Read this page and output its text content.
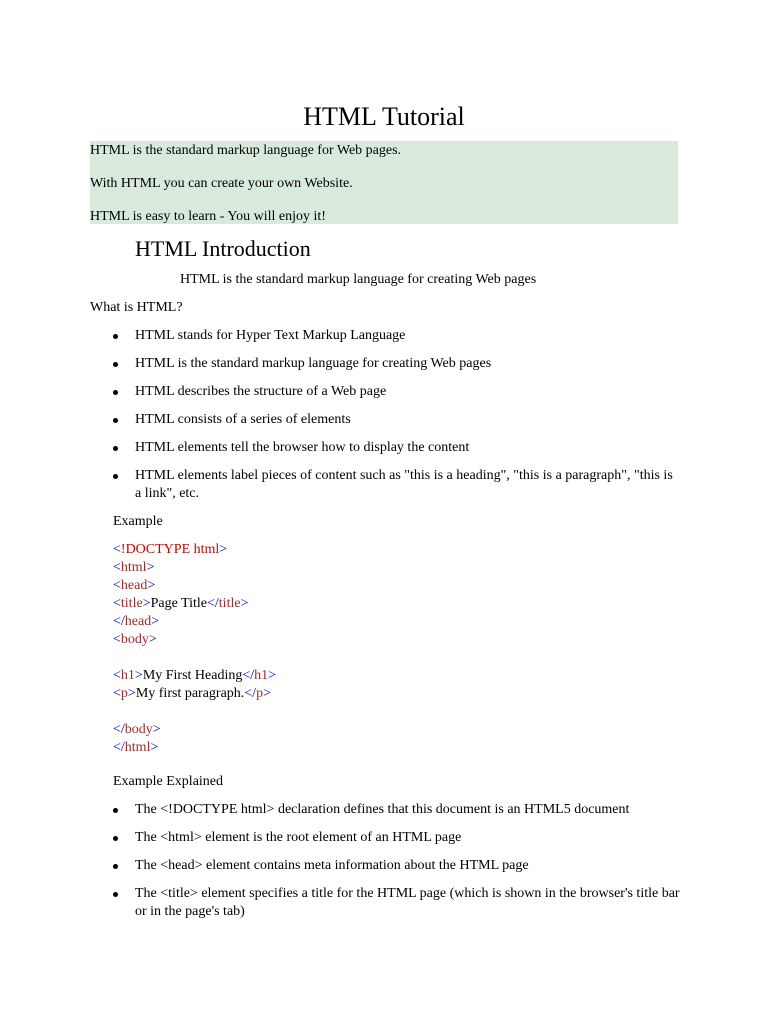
HTML Tutorial
HTML is the standard markup language for Web pages.
With HTML you can create your own Website.
HTML is easy to learn - You will enjoy it!
HTML Introduction
HTML is the standard markup language for creating Web pages
What is HTML?
HTML stands for Hyper Text Markup Language
HTML is the standard markup language for creating Web pages
HTML describes the structure of a Web page
HTML consists of a series of elements
HTML elements tell the browser how to display the content
HTML elements label pieces of content such as "this is a heading", "this is a paragraph", "this is a link", etc.
Example
<!DOCTYPE html>
<html>
<head>
<title>Page Title</title>
</head>
<body>
<h1>My First Heading</h1>
<p>My first paragraph.</p>
</body>
</html>
Example Explained
The <!DOCTYPE html> declaration defines that this document is an HTML5 document
The <html> element is the root element of an HTML page
The <head> element contains meta information about the HTML page
The <title> element specifies a title for the HTML page (which is shown in the browser's title bar or in the page's tab)
